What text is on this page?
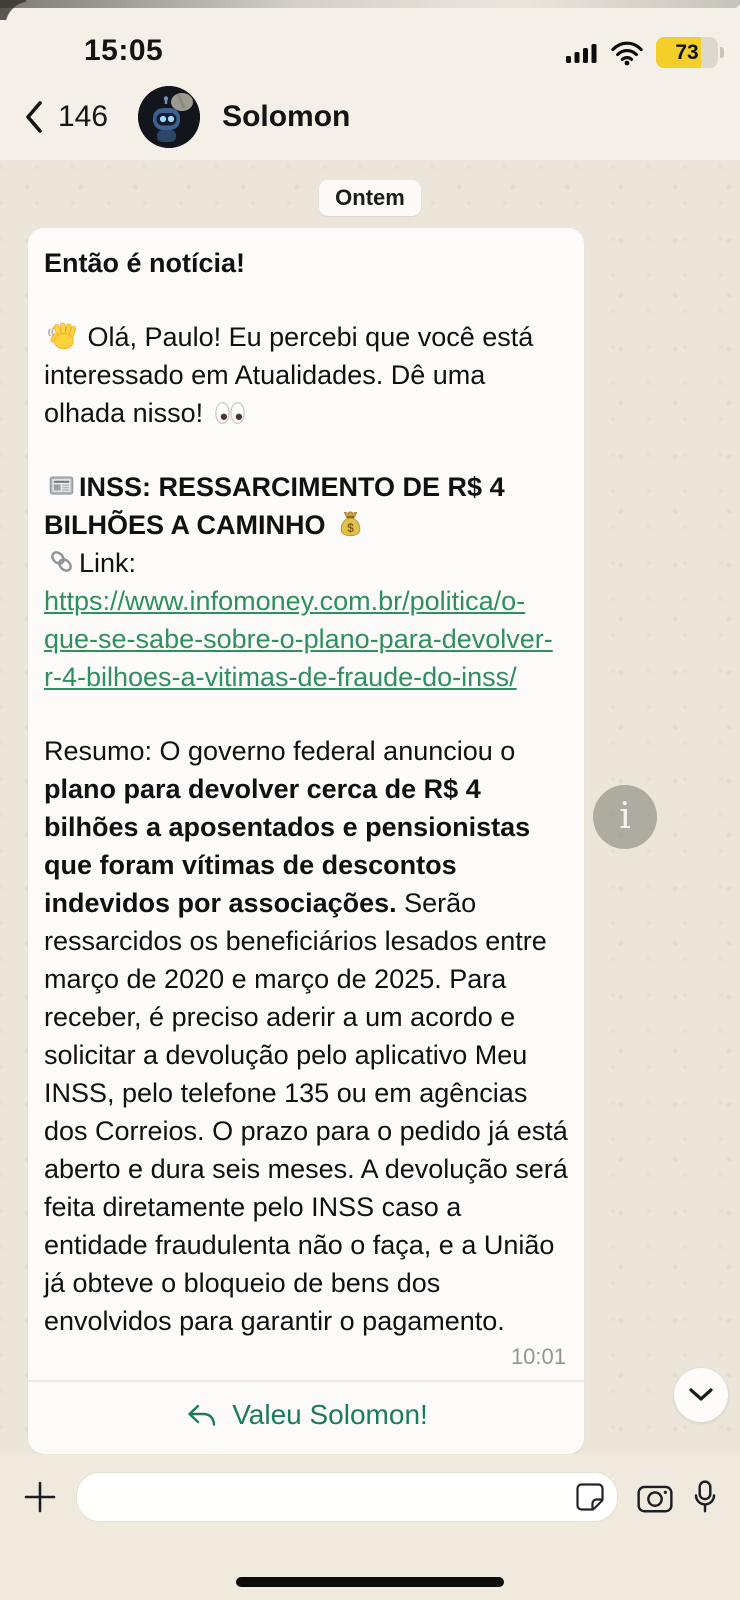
15:05	73
146	Solomon
Ontem

Então é notícia!

Olá, Paulo! Eu percebi que você está interessado em Atualidades. Dê uma olhada nisso!

INSS: RESSARCIMENTO DE R$ 4 BILHÕES A CAMINHO $

Link: https://www.infomoney.com.br/politica/o-que-se-sabe-sobre-o-plano-para-devolver-r-4-bilhoes-a-vitimas-de-fraude-do-inss/

Resumo: O governo federal anunciou o plano para devolver cerca de R$ 4 bilhões a aposentados e pensionistas que foram vítimas de descontos indevidos por associações. Serão ressarcidos os beneficiários lesados entre março de 2020 e março de 2025. Para receber, é preciso aderir a um acordo e solicitar a devolução pelo aplicativo Meu INSS, pelo telefone 135 ou em agências dos Correios. O prazo para o pedido já está aberto e dura seis meses. A devolução será feita diretamente pelo INSS caso a entidade fraudulenta não o faça, e a União já obteve o bloqueio de bens dos envolvidos para garantir o pagamento.

10:01
Valeu Solomon!
i
